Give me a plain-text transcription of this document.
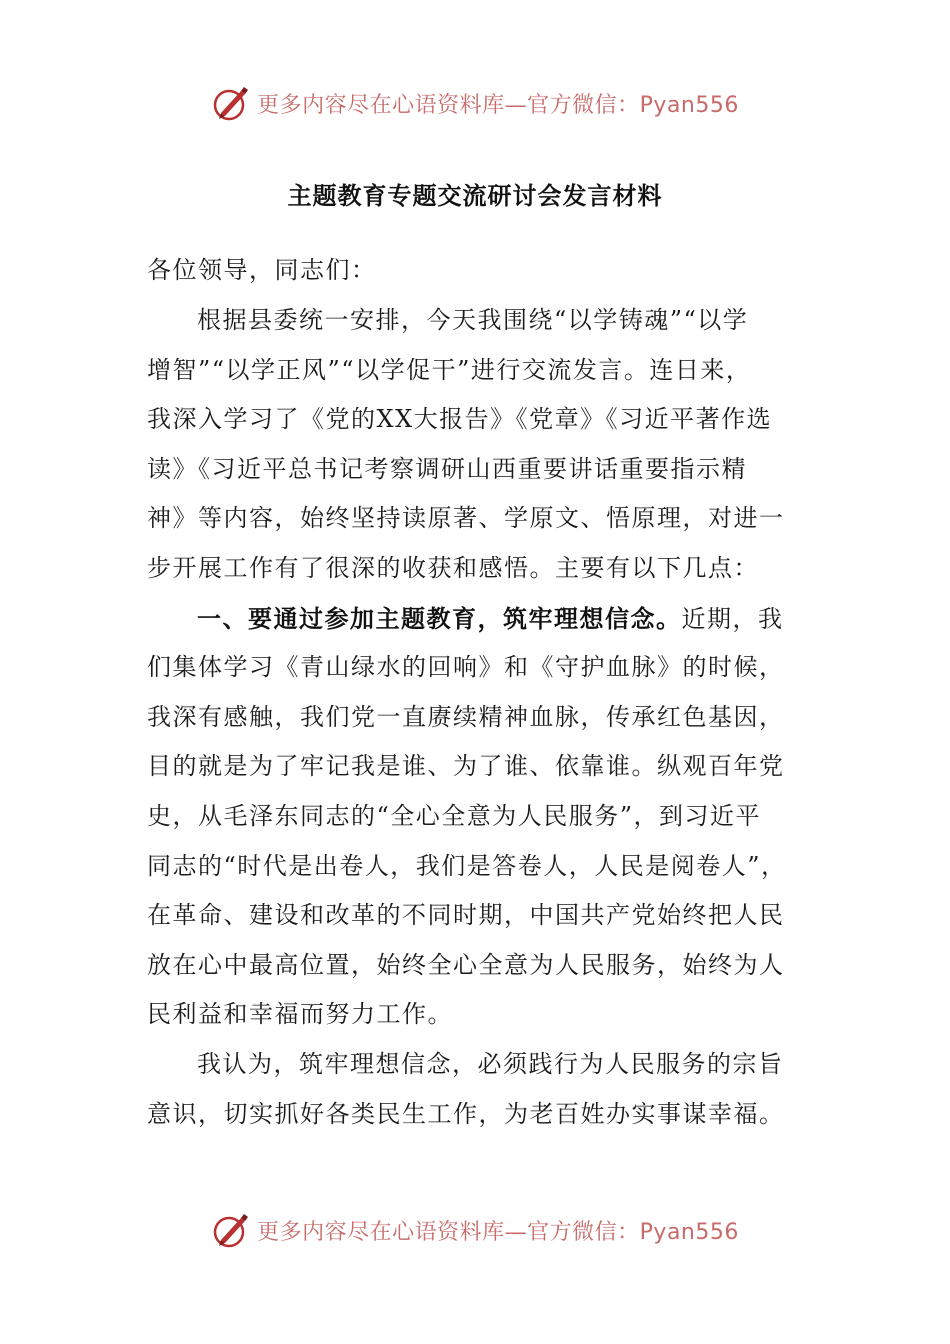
更多内容尽在心语资料库—官方微信：Pyan556
主题教育专题交流研讨会发言材料
各位领导，同志们：
根据县委统一安排，今天我围绕“以学铸魂”“以学
增智”“以学正风”“以学促干”进行交流发言。连日来，
我深入学习了《党的XX大报告》《党章》《习近平著作选
读》《习近平总书记考察调研山西重要讲话重要指示精
神》等内容，始终坚持读原著、学原文、悟原理，对进一
步开展工作有了很深的收获和感悟。主要有以下几点：
一、要通过参加主题教育，筑牢理想信念。近期，我
们集体学习《青山绿水的回响》和《守护血脉》的时候，
我深有感触，我们党一直赓续精神血脉，传承红色基因，
目的就是为了牢记我是谁、为了谁、依靠谁。纵观百年党
史，从毛泽东同志的“全心全意为人民服务”，到习近平
同志的“时代是出卷人，我们是答卷人，人民是阅卷人”，
在革命、建设和改革的不同时期，中国共产党始终把人民
放在心中最高位置，始终全心全意为人民服务，始终为人
民利益和幸福而努力工作。
我认为，筑牢理想信念，必须践行为人民服务的宗旨
意识，切实抓好各类民生工作，为老百姓办实事谋幸福。
更多内容尽在心语资料库—官方微信：Pyan556
